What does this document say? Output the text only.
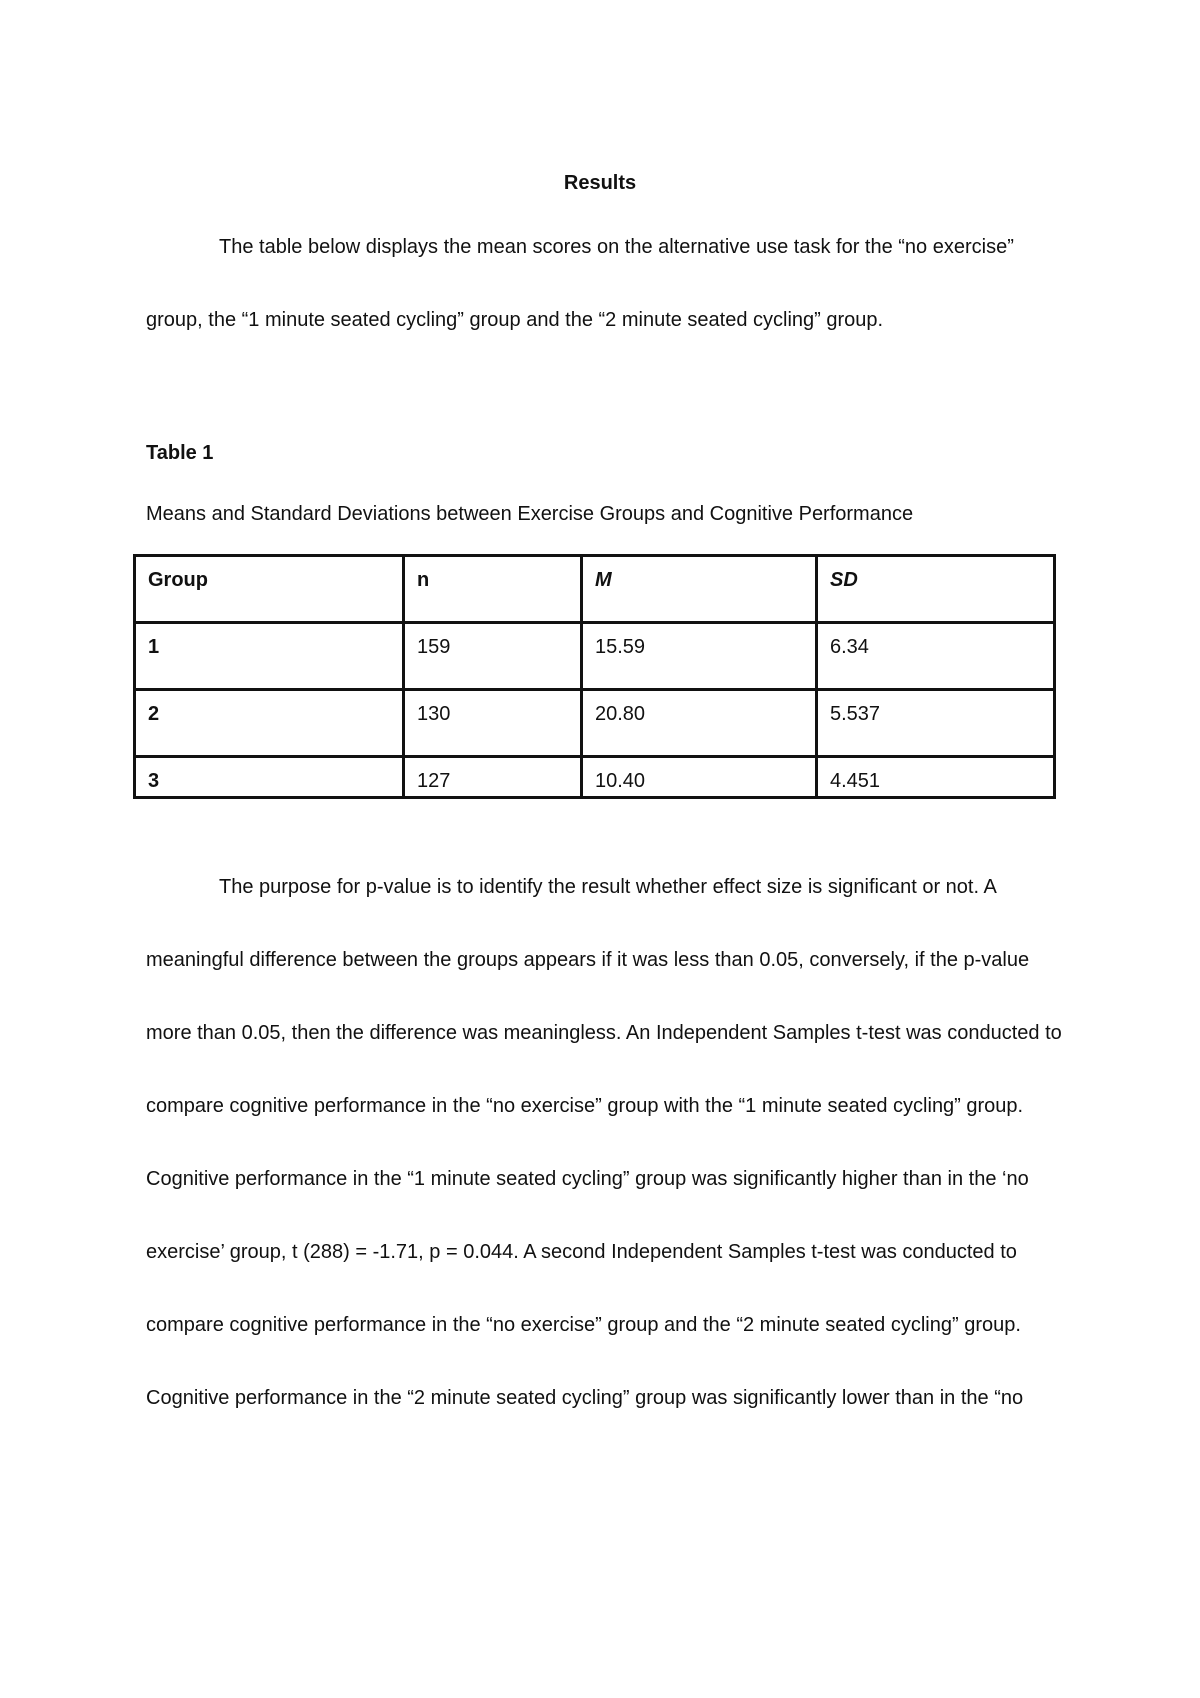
Results

The table below displays the mean scores on the alternative use task for the “no exercise” group, the “1 minute seated cycling” group and the “2 minute seated cycling” group.

Table 1

Means and Standard Deviations between Exercise Groups and Cognitive Performance

Group	n	M	SD
1	159	15.59	6.34
2	130	20.80	5.537
3	127	10.40	4.451

The purpose for p-value is to identify the result whether effect size is significant or not. A meaningful difference between the groups appears if it was less than 0.05, conversely, if the p-value more than 0.05, then the difference was meaningless. An Independent Samples t-test was conducted to compare cognitive performance in the “no exercise” group with the “1 minute seated cycling” group. Cognitive performance in the “1 minute seated cycling” group was significantly higher than in the ‘no exercise’ group, t (288) = -1.71, p = 0.044. A second Independent Samples t-test was conducted to compare cognitive performance in the “no exercise” group and the “2 minute seated cycling” group. Cognitive performance in the “2 minute seated cycling” group was significantly lower than in the “no
